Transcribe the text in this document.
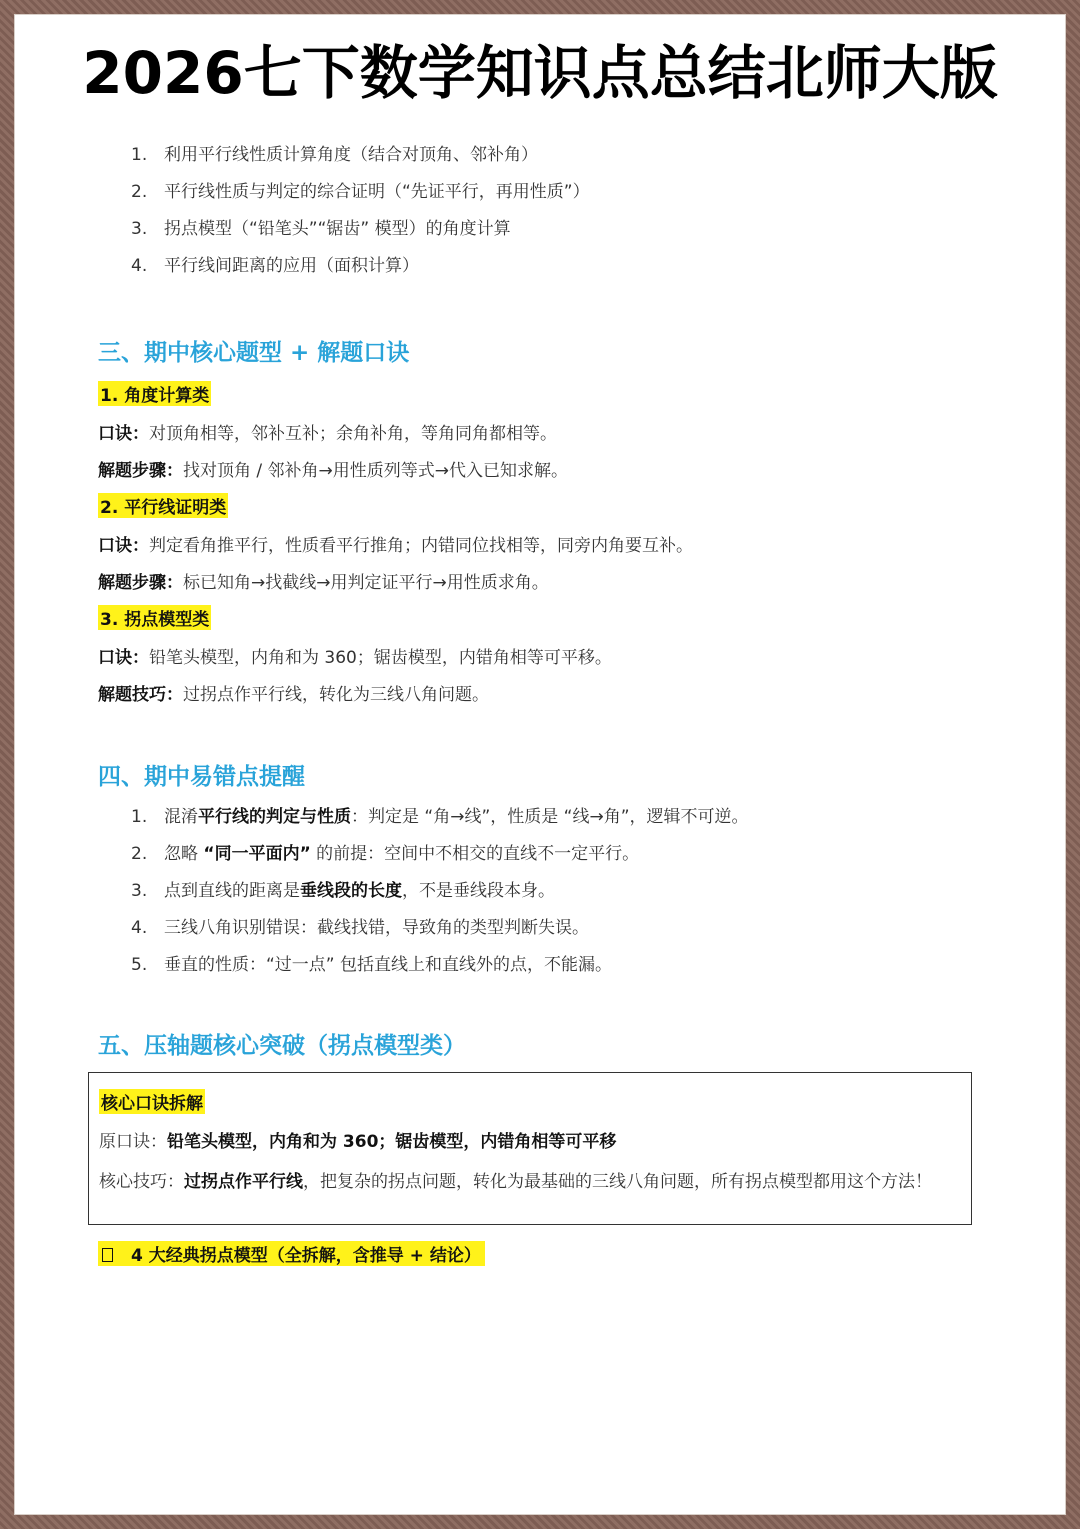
2026七下数学知识点总结北师大版
1. 利用平行线性质计算角度（结合对顶角、邻补角）
2. 平行线性质与判定的综合证明（“先证平行，再用性质”）
3. 拐点模型（“铅笔头”“锯齿” 模型）的角度计算
4. 平行线间距离的应用（面积计算）
三、期中核心题型 + 解题口诀
1. 角度计算类
口诀：对顶角相等，邻补互补；余角补角，等角同角都相等。
解题步骤：找对顶角 / 邻补角→用性质列等式→代入已知求解。
2. 平行线证明类
口诀：判定看角推平行，性质看平行推角；内错同位找相等，同旁内角要互补。
解题步骤：标已知角→找截线→用判定证平行→用性质求角。
3. 拐点模型类
口诀：铅笔头模型，内角和为 360；锯齿模型，内错角相等可平移。
解题技巧：过拐点作平行线，转化为三线八角问题。
四、期中易错点提醒
1. 混淆平行线的判定与性质：判定是 “角→线”，性质是 “线→角”，逻辑不可逆。
2. 忽略 “同一平面内” 的前提：空间中不相交的直线不一定平行。
3. 点到直线的距离是垂线段的长度，不是垂线段本身。
4. 三线八角识别错误：截线找错，导致角的类型判断失误。
5. 垂直的性质：“过一点” 包括直线上和直线外的点，不能漏。
五、压轴题核心突破（拐点模型类）
核心口诀拆解
原口诀：铅笔头模型，内角和为 360；锯齿模型，内错角相等可平移
核心技巧：过拐点作平行线，把复杂的拐点问题，转化为最基础的三线八角问题，所有拐点模型都用这个方法！
4 大经典拐点模型（全拆解，含推导 + 结论）
